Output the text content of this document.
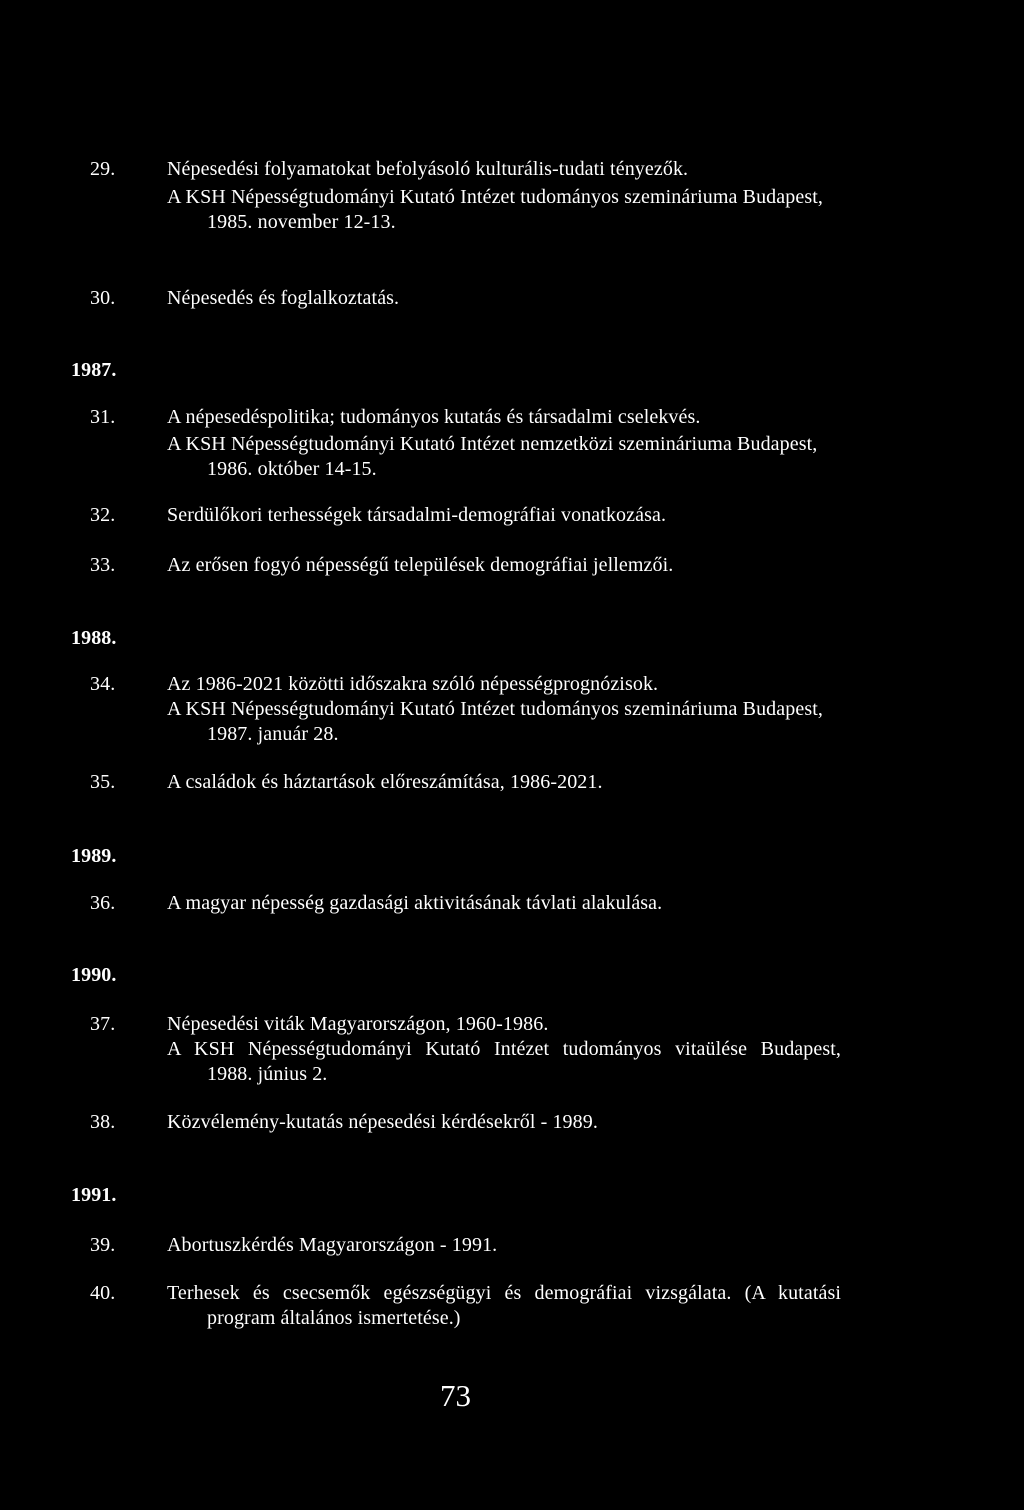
29.	Népesedési folyamatokat befolyásoló kulturális-tudati tényezők.
A KSH Népességtudományi Kutató Intézet tudományos szemináriuma Budapest,
1985. november 12-13.
30.	Népesedés és foglalkoztatás.
1987.
31.	A népesedéspolitika; tudományos kutatás és társadalmi cselekvés.
A KSH Népességtudományi Kutató Intézet nemzetközi szemináriuma Budapest,
1986. október 14-15.
32.	Serdülőkori terhességek társadalmi-demográfiai vonatkozása.
33.	Az erősen fogyó népességű települések demográfiai jellemzői.
1988.
34.	Az 1986-2021 közötti időszakra szóló népességprognózisok.
A KSH Népességtudományi Kutató Intézet tudományos szemináriuma Budapest,
1987. január 28.
35.	A családok és háztartások előreszámítása, 1986-2021.
1989.
36.	A magyar népesség gazdasági aktivitásának távlati alakulása.
1990.
37.	Népesedési viták Magyarországon, 1960-1986.
A KSH Népességtudományi Kutató Intézet tudományos vitaülése Budapest,
1988. június 2.
38.	Közvélemény-kutatás népesedési kérdésekről - 1989.
1991.
39.	Abortuszkérdés Magyarországon - 1991.
40.	Terhesek és csecsemők egészségügyi és demográfiai vizsgálata. (A kutatási
program általános ismertetése.)
73
